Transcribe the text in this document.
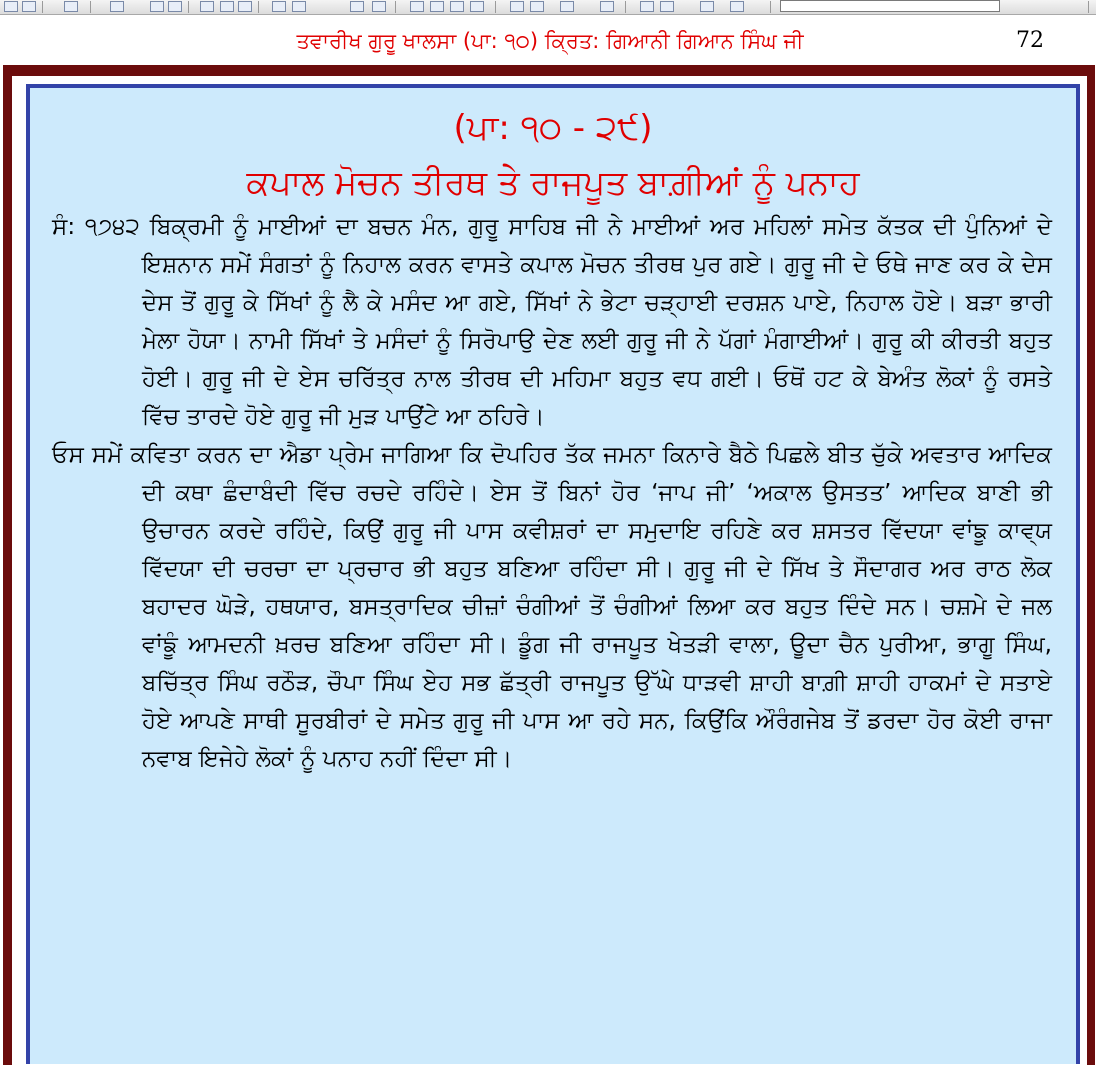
ਤਵਾਰੀਖ ਗੁਰੂ ਖਾਲਸਾ (ਪਾ: ੧੦) ਕ੍ਰਿਤ: ਗਿਆਨੀ ਗਿਆਨ ਸਿੰਘ ਜੀ	72
(ਪਾ: ੧੦ - ੨੯)
ਕਪਾਲ ਮੋਚਨ ਤੀਰਥ ਤੇ ਰਾਜਪੂਤ ਬਾਗ਼ੀਆਂ ਨੂੰ ਪਨਾਹ

ਸੰ: ੧੭੪੨ ਬਿਕ੍ਰਮੀ ਨੂੰ ਮਾਈਆਂ ਦਾ ਬਚਨ ਮੰਨ, ਗੁਰੂ ਸਾਹਿਬ ਜੀ ਨੇ ਮਾਈਆਂ ਅਰ ਮਹਿਲਾਂ ਸਮੇਤ ਕੱਤਕ ਦੀ ਪੁੰਨਿਆਂ ਦੇ ਇਸ਼ਨਾਨ ਸਮੇਂ ਸੰਗਤਾਂ ਨੂੰ ਨਿਹਾਲ ਕਰਨ ਵਾਸਤੇ ਕਪਾਲ ਮੋਚਨ ਤੀਰਥ ਪੁਰ ਗਏ। ਗੁਰੂ ਜੀ ਦੇ ਓਥੇ ਜਾਣ ਕਰ ਕੇ ਦੇਸ ਦੇਸ ਤੋਂ ਗੁਰੂ ਕੇ ਸਿੱਖਾਂ ਨੂੰ ਲੈ ਕੇ ਮਸੰਦ ਆ ਗਏ, ਸਿੱਖਾਂ ਨੇ ਭੇਟਾ ਚੜ੍ਹਾਈ ਦਰਸ਼ਨ ਪਾਏ, ਨਿਹਾਲ ਹੋਏ। ਬੜਾ ਭਾਰੀ ਮੇਲਾ ਹੋਯਾ। ਨਾਮੀ ਸਿੱਖਾਂ ਤੇ ਮਸੰਦਾਂ ਨੂੰ ਸਿਰੋਪਾਉ ਦੇਣ ਲਈ ਗੁਰੂ ਜੀ ਨੇ ਪੱਗਾਂ ਮੰਗਾਈਆਂ। ਗੁਰੂ ਕੀ ਕੀਰਤੀ ਬਹੁਤ ਹੋਈ। ਗੁਰੂ ਜੀ ਦੇ ਏਸ ਚਰਿੱਤ੍ਰ ਨਾਲ ਤੀਰਥ ਦੀ ਮਹਿਮਾ ਬਹੁਤ ਵਧ ਗਈ। ਓਥੋਂ ਹਟ ਕੇ ਬੇਅੰਤ ਲੋਕਾਂ ਨੂੰ ਰਸਤੇ ਵਿੱਚ ਤਾਰਦੇ ਹੋਏ ਗੁਰੂ ਜੀ ਮੁੜ ਪਾਉਂਟੇ ਆ ਠਹਿਰੇ।

ਓਸ ਸਮੇਂ ਕਵਿਤਾ ਕਰਨ ਦਾ ਐਡਾ ਪ੍ਰੇਮ ਜਾਗਿਆ ਕਿ ਦੋਪਹਿਰ ਤੱਕ ਜਮਨਾ ਕਿਨਾਰੇ ਬੈਠੇ ਪਿਛਲੇ ਬੀਤ ਚੁੱਕੇ ਅਵਤਾਰ ਆਦਿਕ ਦੀ ਕਥਾ ਛੰਦਾਬੰਦੀ ਵਿੱਚ ਰਚਦੇ ਰਹਿੰਦੇ। ਏਸ ਤੋਂ ਬਿਨਾਂ ਹੋਰ ‘ਜਾਪ ਜੀ’ ‘ਅਕਾਲ ਉਸਤਤ’ ਆਦਿਕ ਬਾਣੀ ਭੀ ਉਚਾਰਨ ਕਰਦੇ ਰਹਿੰਦੇ, ਕਿਉਂ ਗੁਰੂ ਜੀ ਪਾਸ ਕਵੀਸ਼ਰਾਂ ਦਾ ਸਮੁਦਾਇ ਰਹਿਣੇ ਕਰ ਸ਼ਸਤਰ ਵਿੱਦਯਾ ਵਾਂਙੂ ਕਾਵ੍ਯ ਵਿੱਦਯਾ ਦੀ ਚਰਚਾ ਦਾ ਪ੍ਰਚਾਰ ਭੀ ਬਹੁਤ ਬਣਿਆ ਰਹਿੰਦਾ ਸੀ। ਗੁਰੂ ਜੀ ਦੇ ਸਿੱਖ ਤੇ ਸੌਦਾਗਰ ਅਰ ਰਾਠ ਲੋਕ ਬਹਾਦਰ ਘੋੜੇ, ਹਥਯਾਰ, ਬਸਤ੍ਰਾਦਿਕ ਚੀਜ਼ਾਂ ਚੰਗੀਆਂ ਤੋਂ ਚੰਗੀਆਂ ਲਿਆ ਕਰ ਬਹੁਤ ਦਿੰਦੇ ਸਨ। ਚਸ਼ਮੇ ਦੇ ਜਲ ਵਾਂਙੂੰ ਆਮਦਨੀ ਖ਼ਰਚ ਬਣਿਆ ਰਹਿੰਦਾ ਸੀ। ਡੂੰਗ ਜੀ ਰਾਜਪੂਤ ਖੇਤੜੀ ਵਾਲਾ, ਊਦਾ ਚੈਨ ਪੁਰੀਆ, ਭਾਗੂ ਸਿੰਘ, ਬਚਿੱਤ੍ਰ ਸਿੰਘ ਰਠੌੜ, ਚੌਪਾ ਸਿੰਘ ਏਹ ਸਭ ਛੱਤ੍ਰੀ ਰਾਜਪੂਤ ਉੱਘੇ ਧਾੜਵੀ ਸ਼ਾਹੀ ਬਾਗ਼ੀ ਸ਼ਾਹੀ ਹਾਕਮਾਂ ਦੇ ਸਤਾਏ ਹੋਏ ਆਪਣੇ ਸਾਥੀ ਸੂਰਬੀਰਾਂ ਦੇ ਸਮੇਤ ਗੁਰੂ ਜੀ ਪਾਸ ਆ ਰਹੇ ਸਨ, ਕਿਉਂਕਿ ਔਰੰਗਜੇਬ ਤੋਂ ਡਰਦਾ ਹੋਰ ਕੋਈ ਰਾਜਾ ਨਵਾਬ ਇਜੇਹੇ ਲੋਕਾਂ ਨੂੰ ਪਨਾਹ ਨਹੀਂ ਦਿੰਦਾ ਸੀ।
